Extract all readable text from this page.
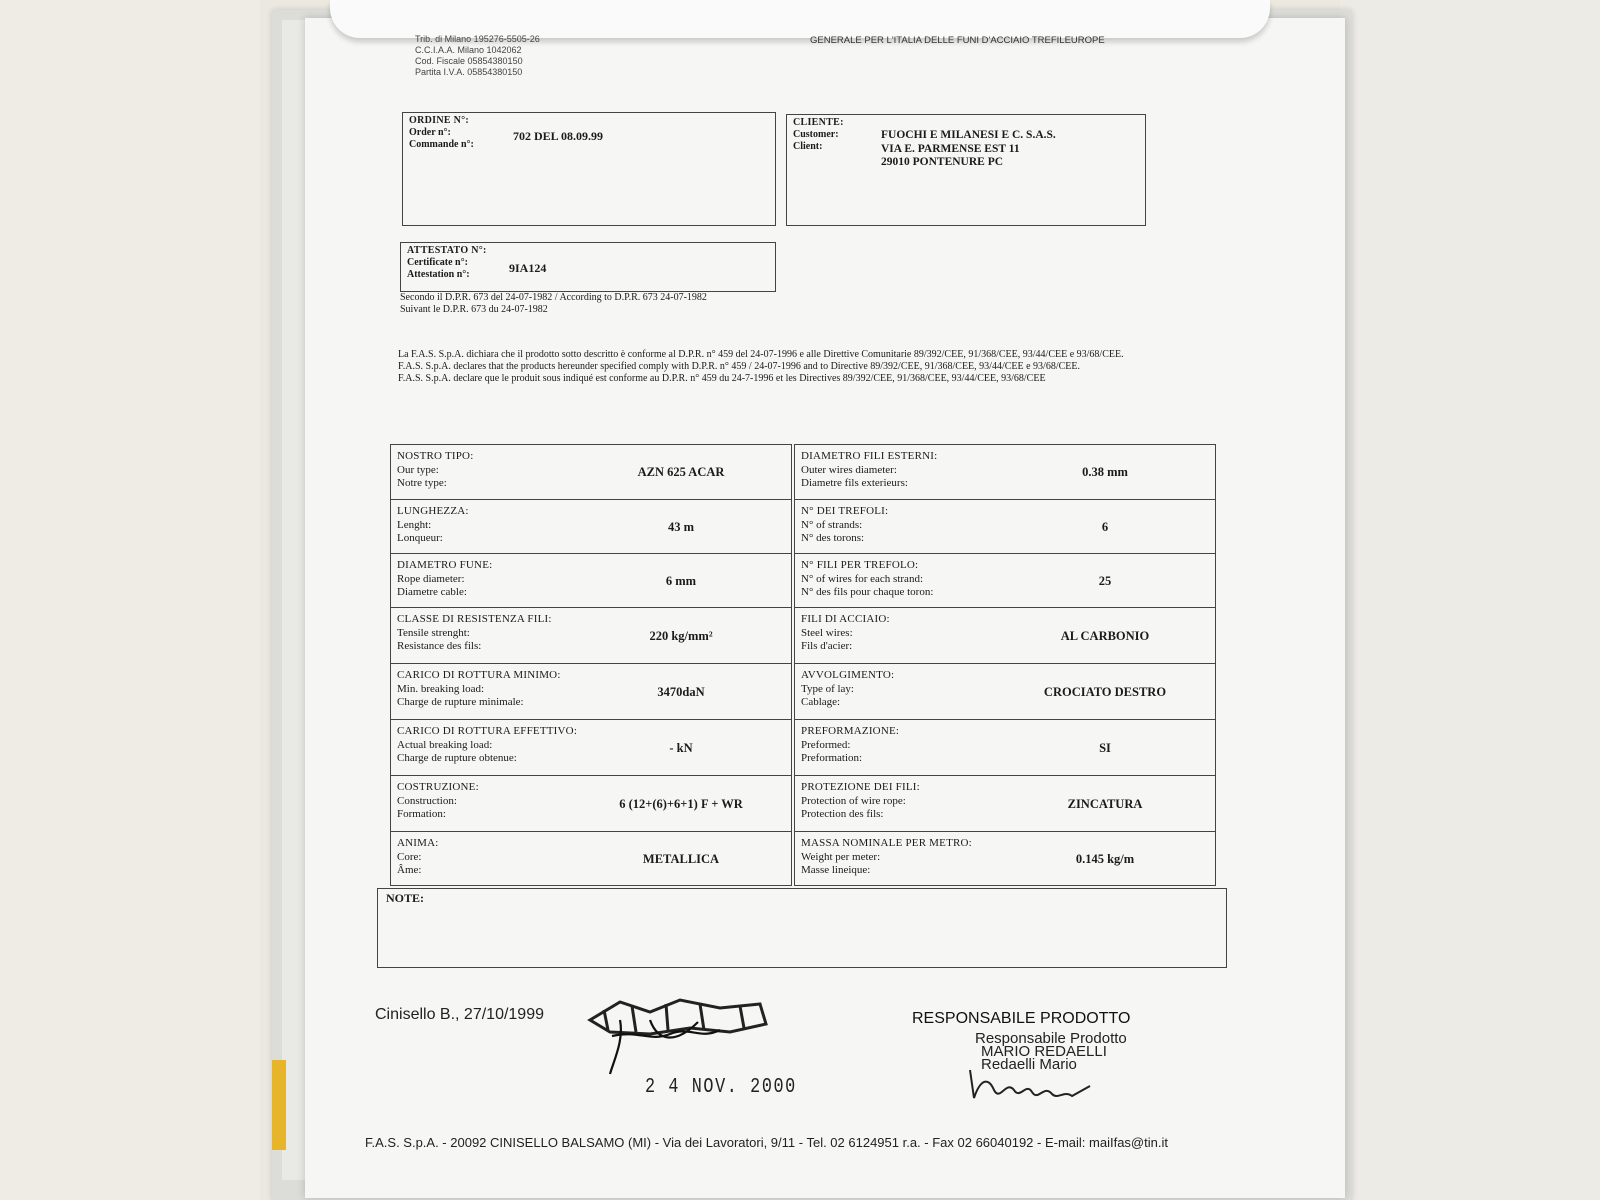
Trib. di Milano 195276-5505-26
C.C.I.A.A. Milano 1042062
Cod. Fiscale 05854380150
Partita I.V.A. 05854380150
GENERALE PER L'ITALIA DELLE FUNI D'ACCIAIO TREFILEUROPE
ORDINE N°:
Order n°:
Commande n°:
702 DEL 08.09.99
CLIENTE:
Customer:
Client:
FUOCHI E MILANESI E C. S.A.S.
VIA E. PARMENSE EST 11
29010 PONTENURE PC
ATTESTATO N°:
Certificate n°:
Attestation n°:	9IA124
Secondo il D.P.R. 673 del 24-07-1982 / According to D.P.R. 673 24-07-1982
Suivant le D.P.R. 673 du 24-07-1982
La F.A.S. S.p.A. dichiara che il prodotto sotto descritto è conforme al D.P.R. n° 459 del 24-07-1996 e alle Direttive Comunitarie 89/392/CEE, 91/368/CEE, 93/44/CEE e 93/68/CEE.
F.A.S. S.p.A. declares that the products hereunder specified comply with D.P.R. n° 459 / 24-07-1996 and to Directive 89/392/CEE, 91/368/CEE, 93/44/CEE e 93/68/CEE.
F.A.S. S.p.A. declare que le produit sous indiqué est conforme au D.P.R. n° 459 du 24-7-1996 et les Directives 89/392/CEE, 91/368/CEE, 93/44/CEE, 93/68/CEE
NOSTRO TIPO:
Our type:
Notre type:
AZN 625 ACAR
LUNGHEZZA:
Lenght:
Lonqueur:
43 m
DIAMETRO FUNE:
Rope diameter:
Diametre cable:
6 mm
CLASSE DI RESISTENZA FILI:
Tensile strenght:
Resistance des fils:
220 kg/mm²
CARICO DI ROTTURA MINIMO:
Min. breaking load:
Charge de rupture minimale:
3470daN
CARICO DI ROTTURA EFFETTIVO:
Actual breaking load:
Charge de rupture obtenue:
- kN
COSTRUZIONE:
Construction:
Formation:
6 (12+(6)+6+1) F + WR
ANIMA:
Core:
Âme:
METALLICA
DIAMETRO FILI ESTERNI:
Outer wires diameter:
Diametre fils exterieurs:
0.38 mm
N° DEI TREFOLI:
N° of strands:
N° des torons:
6
N° FILI PER TREFOLO:
N° of wires for each strand:
N° des fils pour chaque toron:
25
FILI DI ACCIAIO:
Steel wires:
Fils d'acier:
AL CARBONIO
AVVOLGIMENTO:
Type of lay:
Cablage:
CROCIATO DESTRO
PREFORMAZIONE:
Preformed:
Preformation:
SI
PROTEZIONE DEI FILI:
Protection of wire rope:
Protection des fils:
ZINCATURA
MASSA NOMINALE PER METRO:
Weight per meter:
Masse lineique:
0.145 kg/m
NOTE:
Cinisello B., 27/10/1999
2 4 NOV. 2000
RESPONSABILE PRODOTTO
Responsabile Prodotto
MARIO REDAELLI
Redaelli Mario
F.A.S. S.p.A. - 20092 CINISELLO BALSAMO (MI) - Via dei Lavoratori, 9/11 - Tel. 02 6124951 r.a. - Fax 02 66040192 - E-mail: maiIfas@tin.it
